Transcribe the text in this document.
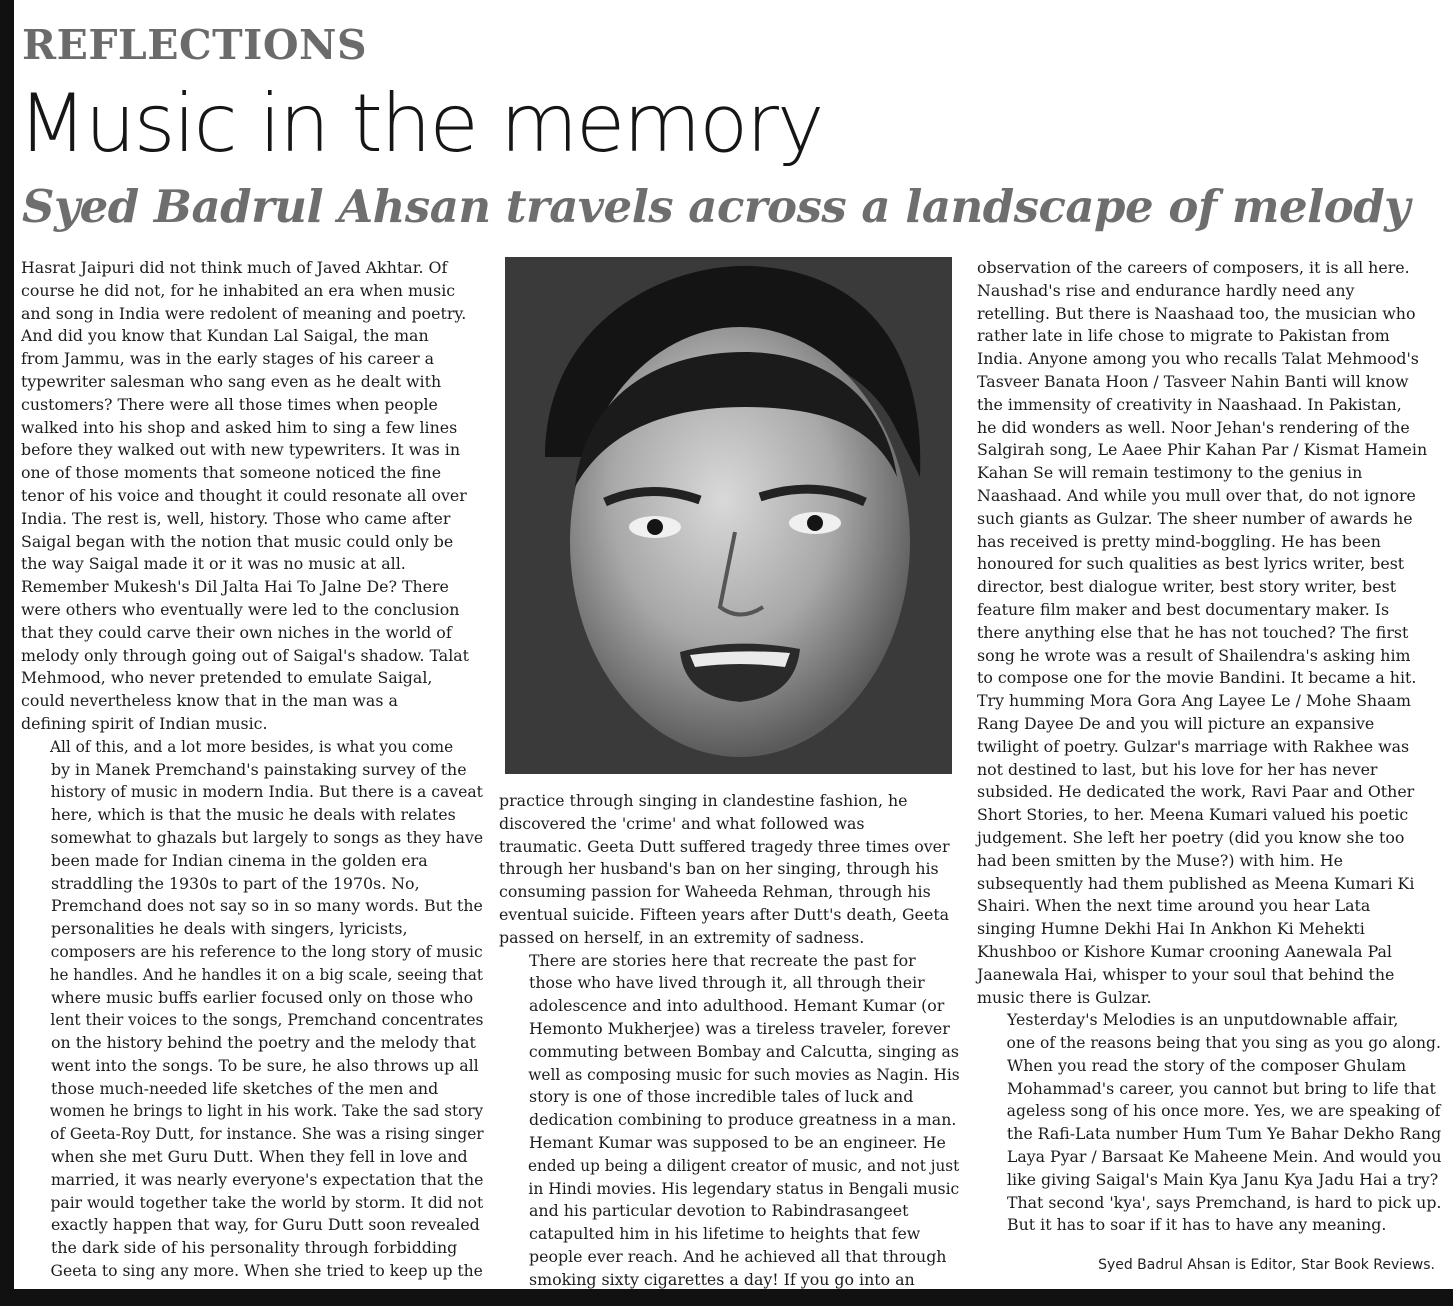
REFLECTIONS
Music in the memory
Syed Badrul Ahsan travels across a landscape of melody

Hasrat Jaipuri did not think much of Javed Akhtar. Of
course he did not, for he inhabited an era when music
and song in India were redolent of meaning and poetry.
And did you know that Kundan Lal Saigal, the man
from Jammu, was in the early stages of his career a
typewriter salesman who sang even as he dealt with
customers? There were all those times when people
walked into his shop and asked him to sing a few lines
before they walked out with new typewriters. It was in
one of those moments that someone noticed the fine
tenor of his voice and thought it could resonate all over
India. The rest is, well, history. Those who came after
Saigal began with the notion that music could only be
the way Saigal made it or it was no music at all.
Remember Mukesh's Dil Jalta Hai To Jalne De? There
were others who eventually were led to the conclusion
that they could carve their own niches in the world of
melody only through going out of Saigal's shadow. Talat
Mehmood, who never pretended to emulate Saigal,
could nevertheless know that in the man was a
defining spirit of Indian music.

All of this, and a lot more besides, is what you come
by in Manek Premchand's painstaking survey of the
history of music in modern India. But there is a caveat
here, which is that the music he deals with relates
somewhat to ghazals but largely to songs as they have
been made for Indian cinema in the golden era
straddling the 1930s to part of the 1970s. No,
Premchand does not say so in so many words. But the
personalities he deals with singers, lyricists,
composers are his reference to the long story of music
he handles. And he handles it on a big scale, seeing that
where music buffs earlier focused only on those who
lent their voices to the songs, Premchand concentrates
on the history behind the poetry and the melody that
went into the songs. To be sure, he also throws up all
those much-needed life sketches of the men and
women he brings to light in his work. Take the sad story
of Geeta-Roy Dutt, for instance. She was a rising singer
when she met Guru Dutt. When they fell in love and
married, it was nearly everyone's expectation that the
pair would together take the world by storm. It did not
exactly happen that way, for Guru Dutt soon revealed
the dark side of his personality through forbidding
Geeta to sing any more. When she tried to keep up the

practice through singing in clandestine fashion, he
discovered the 'crime' and what followed was
traumatic. Geeta Dutt suffered tragedy three times over
through her husband's ban on her singing, through his
consuming passion for Waheeda Rehman, through his
eventual suicide. Fifteen years after Dutt's death, Geeta
passed on herself, in an extremity of sadness.

There are stories here that recreate the past for
those who have lived through it, all through their
adolescence and into adulthood. Hemant Kumar (or
Hemonto Mukherjee) was a tireless traveler, forever
commuting between Bombay and Calcutta, singing as
well as composing music for such movies as Nagin. His
story is one of those incredible tales of luck and
dedication combining to produce greatness in a man.
Hemant Kumar was supposed to be an engineer. He
ended up being a diligent creator of music, and not just
in Hindi movies. His legendary status in Bengali music
and his particular devotion to Rabindrasangeet
catapulted him in his lifetime to heights that few
people ever reach. And he achieved all that through
smoking sixty cigarettes a day! If you go into an

observation of the careers of composers, it is all here.
Naushad's rise and endurance hardly need any
retelling. But there is Naashaad too, the musician who
rather late in life chose to migrate to Pakistan from
India. Anyone among you who recalls Talat Mehmood's
Tasveer Banata Hoon / Tasveer Nahin Banti will know
the immensity of creativity in Naashaad. In Pakistan,
he did wonders as well. Noor Jehan's rendering of the
Salgirah song, Le Aaee Phir Kahan Par / Kismat Hamein
Kahan Se will remain testimony to the genius in
Naashaad. And while you mull over that, do not ignore
such giants as Gulzar. The sheer number of awards he
has received is pretty mind-boggling. He has been
honoured for such qualities as best lyrics writer, best
director, best dialogue writer, best story writer, best
feature film maker and best documentary maker. Is
there anything else that he has not touched? The first
song he wrote was a result of Shailendra's asking him
to compose one for the movie Bandini. It became a hit.
Try humming Mora Gora Ang Layee Le / Mohe Shaam
Rang Dayee De and you will picture an expansive
twilight of poetry. Gulzar's marriage with Rakhee was
not destined to last, but his love for her has never
subsided. He dedicated the work, Ravi Paar and Other
Short Stories, to her. Meena Kumari valued his poetic
judgement. She left her poetry (did you know she too
had been smitten by the Muse?) with him. He
subsequently had them published as Meena Kumari Ki
Shairi. When the next time around you hear Lata
singing Humne Dekhi Hai In Ankhon Ki Mehekti
Khushboo or Kishore Kumar crooning Aanewala Pal
Jaanewala Hai, whisper to your soul that behind the
music there is Gulzar.

Yesterday's Melodies is an unputdownable affair,
one of the reasons being that you sing as you go along.
When you read the story of the composer Ghulam
Mohammad's career, you cannot but bring to life that
ageless song of his once more. Yes, we are speaking of
the Rafi-Lata number Hum Tum Ye Bahar Dekho Rang
Laya Pyar / Barsaat Ke Maheene Mein. And would you
like giving Saigal's Main Kya Janu Kya Jadu Hai a try?
That second 'kya', says Premchand, is hard to pick up.
But it has to soar if it has to have any meaning.

Syed Badrul Ahsan is Editor, Star Book Reviews.
